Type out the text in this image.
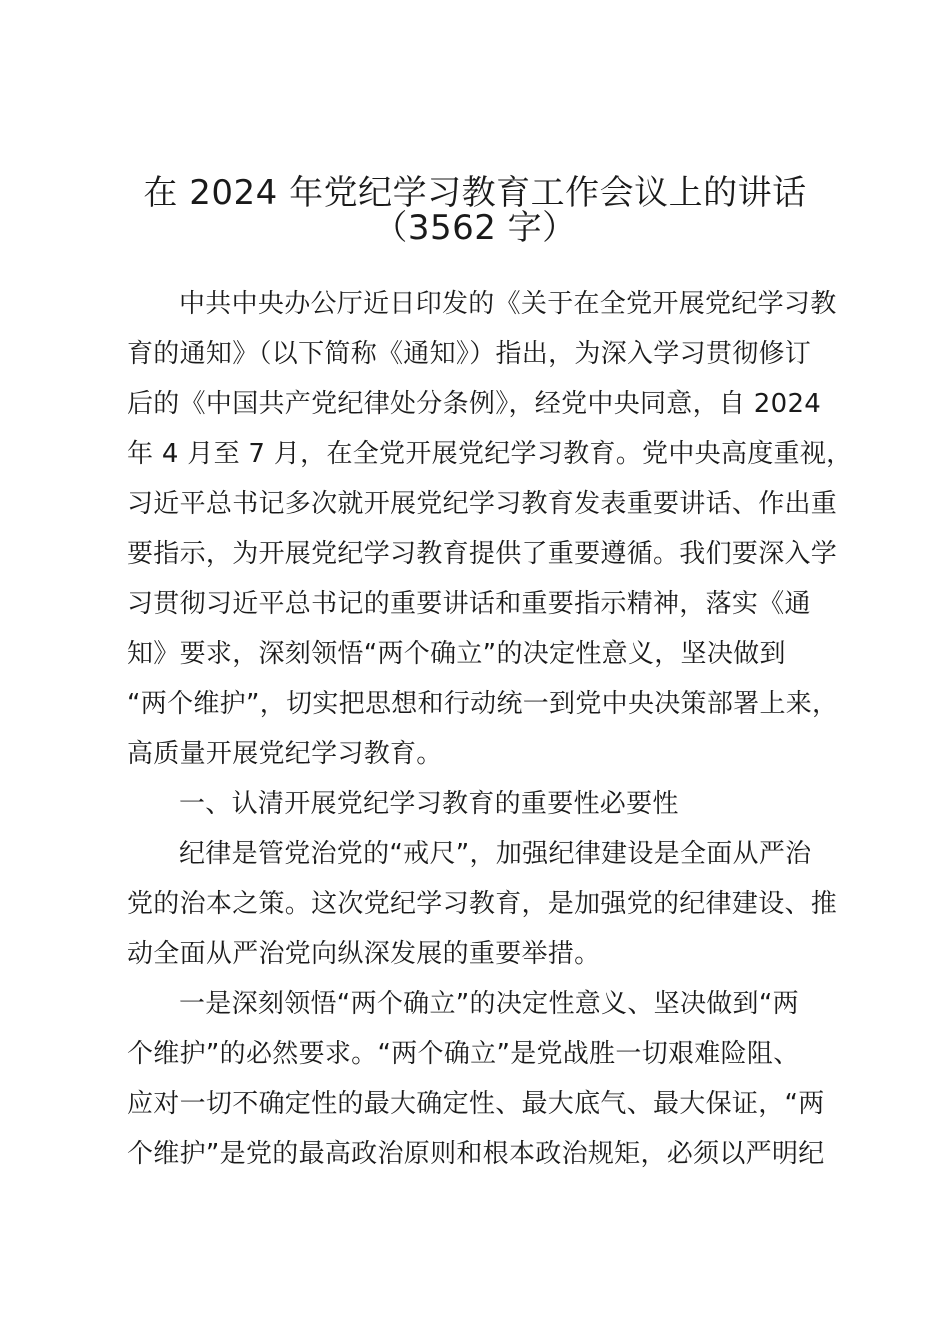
在 2024 年党纪学习教育工作会议上的讲话
（3562 字）
中共中央办公厅近日印发的《关于在全党开展党纪学习教
育的通知》（以下简称《通知》）指出，为深入学习贯彻修订
后的《中国共产党纪律处分条例》，经党中央同意，自 2024
年 4 月至 7 月，在全党开展党纪学习教育。党中央高度重视，
习近平总书记多次就开展党纪学习教育发表重要讲话、作出重
要指示，为开展党纪学习教育提供了重要遵循。我们要深入学
习贯彻习近平总书记的重要讲话和重要指示精神，落实《通
知》要求，深刻领悟“两个确立”的决定性意义，坚决做到
“两个维护”，切实把思想和行动统一到党中央决策部署上来，
高质量开展党纪学习教育。
一、认清开展党纪学习教育的重要性必要性
纪律是管党治党的“戒尺”，加强纪律建设是全面从严治
党的治本之策。这次党纪学习教育，是加强党的纪律建设、推
动全面从严治党向纵深发展的重要举措。
一是深刻领悟“两个确立”的决定性意义、坚决做到“两
个维护”的必然要求。“两个确立”是党战胜一切艰难险阻、
应对一切不确定性的最大确定性、最大底气、最大保证，“两
个维护”是党的最高政治原则和根本政治规矩，必须以严明纪
